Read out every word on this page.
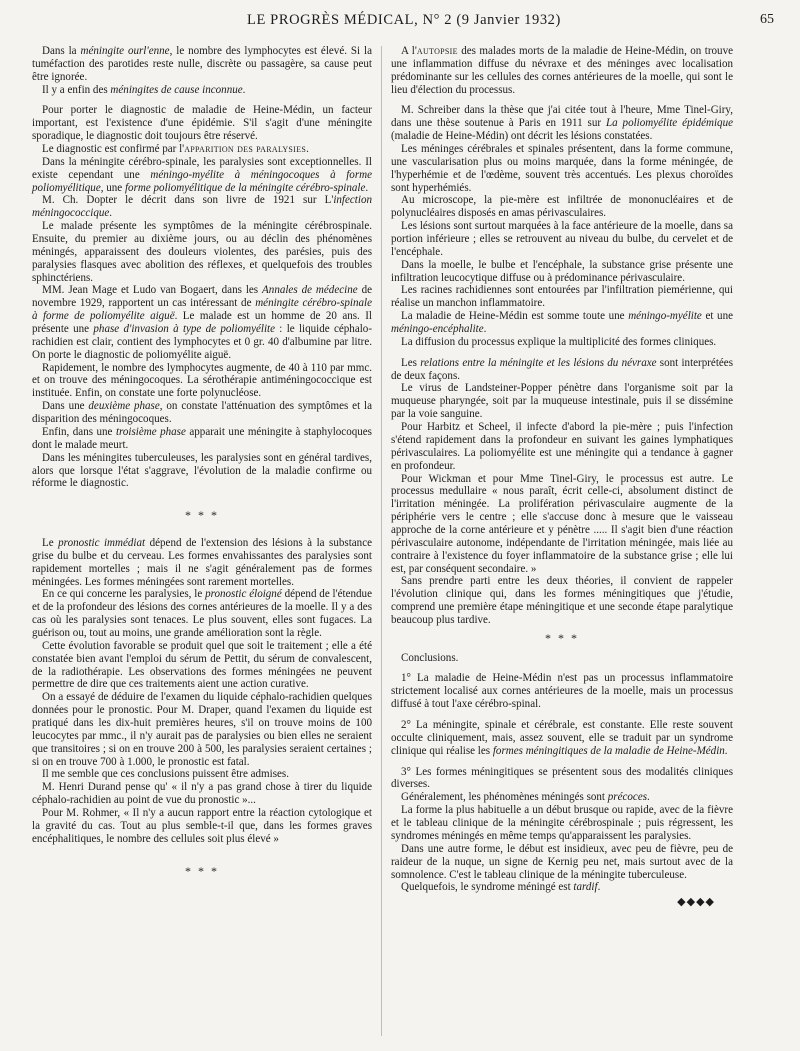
LE PROGRÈS MÉDICAL, N° 2 (9 Janvier 1932)	65

Dans la méningite ourl'enne, le nombre des lymphocytes est élevé. Si la tuméfaction des parotides reste nulle, discrète ou passagère, sa cause peut être ignorée.

Il y a enfin des méningites de cause inconnue.

Pour porter le diagnostic de maladie de Heine-Médin, un facteur important, est l'existence d'une épidémie. S'il s'agit d'une méningite sporadique, le diagnostic doit toujours être réservé.

Le diagnostic est confirmé par l'apparition des paralysies.

Dans la méningite cérébro-spinale, les paralysies sont exceptionnelles. Il existe cependant une méningo-myélite à méningocoques à forme poliomyélitique, une forme poliomyélitique de la méningite cérébro-spinale.

M. Ch. Dopter le décrit dans son livre de 1921 sur L'infection méningococcique.

Le malade présente les symptômes de la méningite cérébrospinale. Ensuite, du premier au dixième jours, ou au déclin des phénomènes méningés, apparaissent des douleurs violentes, des parésies, puis des paralysies flasques avec abolition des réflexes, et quelquefois des troubles sphinctériens.

MM. Jean Mage et Ludo van Bogaert, dans les Annales de médecine de novembre 1929, rapportent un cas intéressant de méningite cérébro-spinale à forme de poliomyélite aiguë. Le malade est un homme de 20 ans. Il présente une phase d'invasion à type de poliomyélite : le liquide céphalo-rachidien est clair, contient des lymphocytes et 0 gr. 40 d'albumine par litre. On porte le diagnostic de poliomyélite aiguë.

Rapidement, le nombre des lymphocytes augmente, de 40 à 110 par mmc. et on trouve des méningocoques. La sérothérapie antiméningococcique est instituée. Enfin, on constate une forte polynucléose.

Dans une deuxième phase, on constate l'atténuation des symptômes et la disparition des méningocoques.

Enfin, dans une troisième phase apparait une méningite à staphylocoques dont le malade meurt.

Dans les méningites tuberculeuses, les paralysies sont en général tardives, alors que lorsque l'état s'aggrave, l'évolution de la maladie confirme ou réforme le diagnostic.

* * *

Le pronostic immédiat dépend de l'extension des lésions à la substance grise du bulbe et du cerveau. Les formes envahissantes des paralysies sont rapidement mortelles ; mais il ne s'agit généralement pas de formes méningées. Les formes méningées sont rarement mortelles.

En ce qui concerne les paralysies, le pronostic éloigné dépend de l'étendue et de la profondeur des lésions des cornes antérieures de la moelle. Il y a des cas où les paralysies sont tenaces. Le plus souvent, elles sont fugaces. La guérison ou, tout au moins, une grande amélioration sont la règle.

Cette évolution favorable se produit quel que soit le traitement ; elle a été constatée bien avant l'emploi du sérum de Pettit, du sérum de convalescent, de la radiothérapie. Les observations des formes méningées ne peuvent permettre de dire que ces traitements aient une action curative.

On a essayé de déduire de l'examen du liquide céphalo-rachidien quelques données pour le pronostic. Pour M. Draper, quand l'examen du liquide est pratiqué dans les dix-huit premières heures, s'il on trouve moins de 100 leucocytes par mmc., il n'y aurait pas de paralysies ou bien elles ne seraient que transitoires ; si on en trouve 200 à 500, les paralysies seraient certaines ; si on en trouve 700 à 1.000, le pronostic est fatal.

Il me semble que ces conclusions puissent être admises.

M. Henri Durand pense qu' « il n'y a pas grand chose à tirer du liquide céphalo-rachidien au point de vue du pronostic »...

Pour M. Rohmer, « Il n'y a aucun rapport entre la réaction cytologique et la gravité du cas. Tout au plus semble-t-il que, dans les formes graves encéphalitiques, le nombre des cellules soit plus élevé »

* * *

A l'autopsie des malades morts de la maladie de Heine-Médin, on trouve une inflammation diffuse du névraxe et des méninges avec localisation prédominante sur les cellules des cornes antérieures de la moelle, qui sont le lieu d'élection du processus.

M. Schreiber dans la thèse que j'ai citée tout à l'heure, Mme Tinel-Giry, dans une thèse soutenue à Paris en 1911 sur La poliomyélite épidémique (maladie de Heine-Médin) ont décrit les lésions constatées.

Les méninges cérébrales et spinales présentent, dans la forme commune, une vascularisation plus ou moins marquée, dans la forme méningée, de l'hyperhémie et de l'œdème, souvent très accentués. Les plexus choroïdes sont hyperhémiés.

Au microscope, la pie-mère est infiltrée de mononucléaires et de polynucléaires disposés en amas périvasculaires.

Les lésions sont surtout marquées à la face antérieure de la moelle, dans sa portion inférieure ; elles se retrouvent au niveau du bulbe, du cervelet et de l'encéphale.

Dans la moelle, le bulbe et l'encéphale, la substance grise présente une infiltration leucocytique diffuse ou à prédominance périvasculaire.

Les racines rachidiennes sont entourées par l'infiltration piemérienne, qui réalise un manchon inflammatoire.

La maladie de Heine-Médin est somme toute une méningo-myélite et une méningo-encéphalite.

La diffusion du processus explique la multiplicité des formes cliniques.

Les relations entre la méningite et les lésions du névraxe sont interprétées de deux façons.

Le virus de Landsteiner-Popper pénètre dans l'organisme soit par la muqueuse pharyngée, soit par la muqueuse intestinale, puis il se dissémine par la voie sanguine.

Pour Harbitz et Scheel, il infecte d'abord la pie-mère ; puis l'infection s'étend rapidement dans la profondeur en suivant les gaines lymphatiques périvasculaires. La poliomyélite est une méningite qui a tendance à gagner en profondeur.

Pour Wickman et pour Mme Tinel-Giry, le processus est autre. Le processus medullaire « nous paraît, écrit celle-ci, absolument distinct de l'irritation méningée. La prolifération périvasculaire augmente de la périphérie vers le centre ; elle s'accuse donc à mesure que le vaisseau approche de la corne antérieure et y pénètre ..... Il s'agit bien d'une réaction périvasculaire autonome, indépendante de l'irritation méningée, mais liée au contraire à l'existence du foyer inflammatoire de la substance grise ; elle lui est, par conséquent secondaire. »

Sans prendre parti entre les deux théories, il convient de rappeler l'évolution clinique qui, dans les formes méningitiques que j'étudie, comprend une première étape méningitique et une seconde étape paralytique beaucoup plus tardive.

* * *

Conclusions.

1° La maladie de Heine-Médin n'est pas un processus inflammatoire strictement localisé aux cornes antérieures de la moelle, mais un processus diffusé à tout l'axe cérébro-spinal.

2° La méningite, spinale et cérébrale, est constante. Elle reste souvent occulte cliniquement, mais, assez souvent, elle se traduit par un syndrome clinique qui réalise les formes méningitiques de la maladie de Heine-Médin.

3° Les formes méningitiques se présentent sous des modalités cliniques diverses.

Généralement, les phénomènes méningés sont précoces.

La forme la plus habituelle a un début brusque ou rapide, avec de la fièvre et le tableau clinique de la méningite cérébrospinale ; puis régressent, les syndromes méningés en même temps qu'apparaissent les paralysies.

Dans une autre forme, le début est insidieux, avec peu de fièvre, peu de raideur de la nuque, un signe de Kernig peu net, mais surtout avec de la somnolence. C'est le tableau clinique de la méningite tuberculeuse.

Quelquefois, le syndrome méningé est tardif.

◆◆◆◆
